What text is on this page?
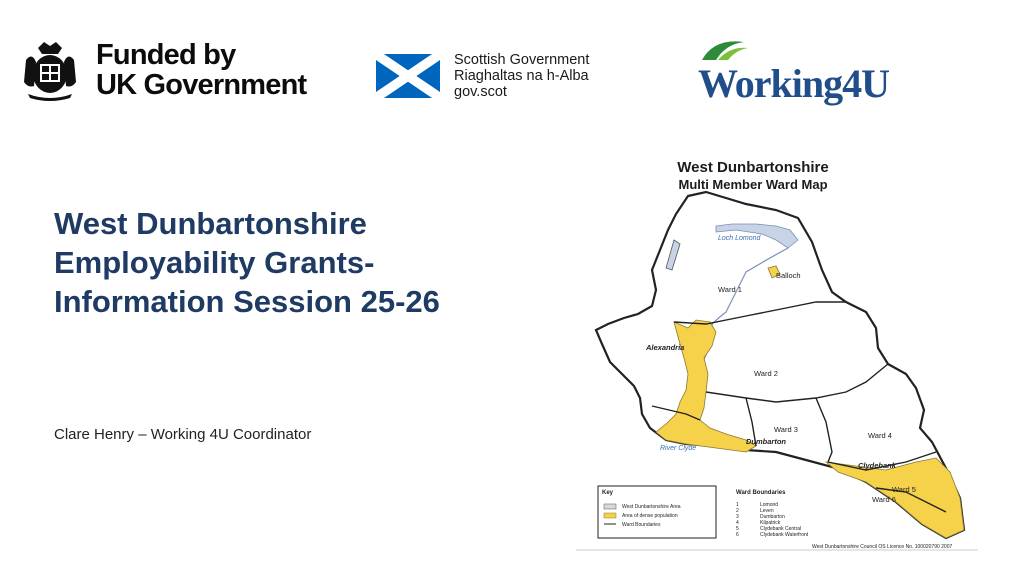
Funded by
UK Government
Scottish Government
Riaghaltas na h-Alba
gov.scot	Working4U
West Dunbartonshire
Employability Grants-
Information Session 25-26
Clare Henry – Working 4U Coordinator
Loch Lomond
Balloch
Ward 1
Alexandria
Ward 2
Ward 3
Ward 4
Dumbarton
River Clyde
Clydebank
Ward 5
Ward 6
Key
West Dunbartonshire Area
Area of dense population
Ward Boundaries
Ward Boundaries
1	Lomond
2	Leven
3	Dumbarton
4	Kilpatrick
5	Clydebank Central
6	Clydebank Waterfront
West Dunbartonshire Council OS Licence No. 100020790 2007
West Dunbartonshire
Multi Member Ward Map
